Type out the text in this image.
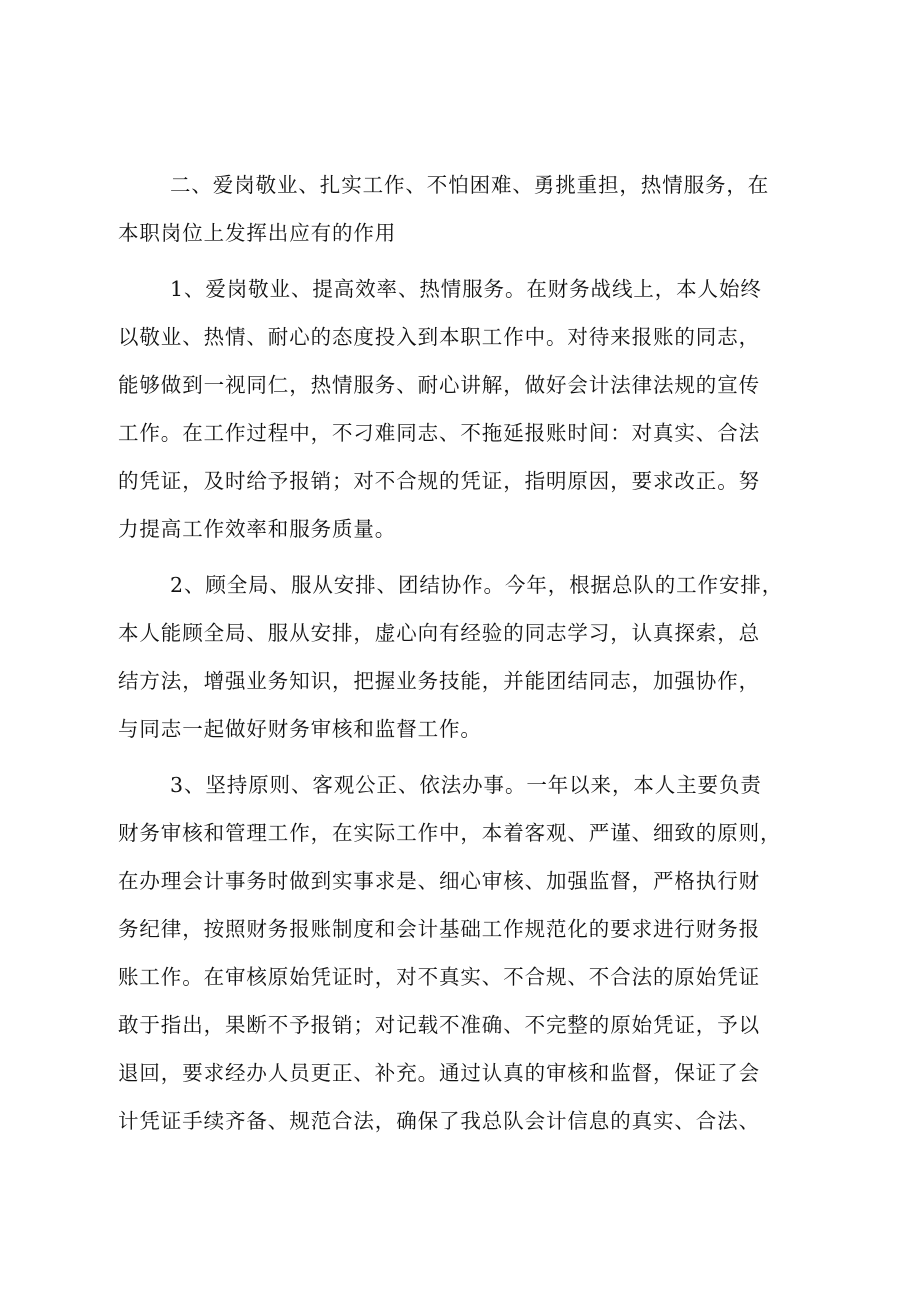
二、爱岗敬业、扎实工作、不怕困难、勇挑重担，热情服务，在
本职岗位上发挥出应有的作用
1、爱岗敬业、提高效率、热情服务。在财务战线上，本人始终
以敬业、热情、耐心的态度投入到本职工作中。对待来报账的同志，
能够做到一视同仁，热情服务、耐心讲解，做好会计法律法规的宣传
工作。在工作过程中，不刁难同志、不拖延报账时间：对真实、合法
的凭证，及时给予报销；对不合规的凭证，指明原因，要求改正。努
力提高工作效率和服务质量。
2、顾全局、服从安排、团结协作。今年，根据总队的工作安排，
本人能顾全局、服从安排，虚心向有经验的同志学习，认真探索，总
结方法，增强业务知识，把握业务技能，并能团结同志，加强协作，
与同志一起做好财务审核和监督工作。
3、坚持原则、客观公正、依法办事。一年以来，本人主要负责
财务审核和管理工作，在实际工作中，本着客观、严谨、细致的原则，
在办理会计事务时做到实事求是、细心审核、加强监督，严格执行财
务纪律，按照财务报账制度和会计基础工作规范化的要求进行财务报
账工作。在审核原始凭证时，对不真实、不合规、不合法的原始凭证
敢于指出，果断不予报销；对记载不准确、不完整的原始凭证，予以
退回，要求经办人员更正、补充。通过认真的审核和监督，保证了会
计凭证手续齐备、规范合法，确保了我总队会计信息的真实、合法、
